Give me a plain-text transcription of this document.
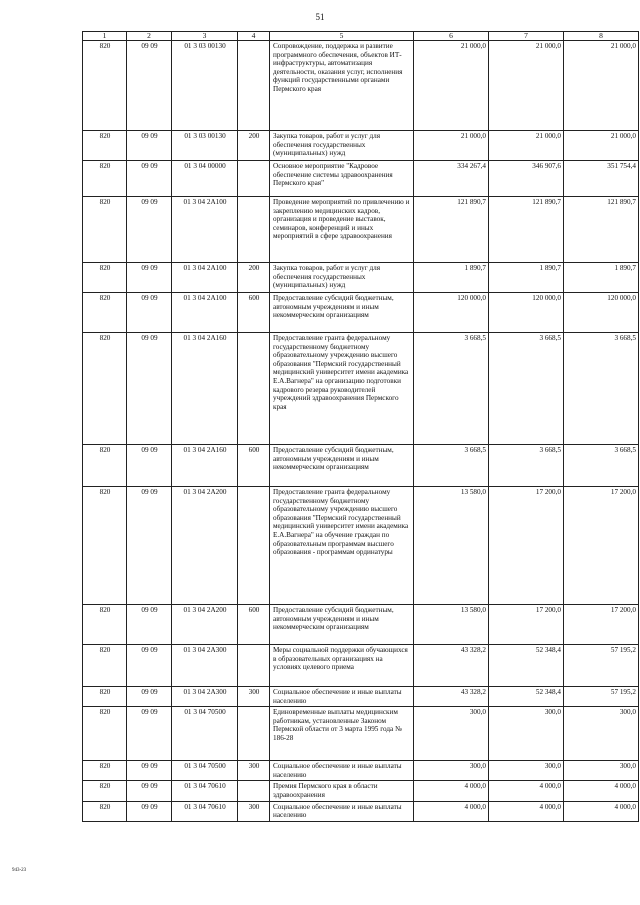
51
1	2	3	4	5	6	7	8
820	09 09	01 3 03 00130		Сопровождение, поддержка и развитие программного обеспечения, объектов ИТ-инфраструктуры, автоматизация деятельности, оказания услуг, исполнения функций государственными органами Пермского края	21 000,0	21 000,0	21 000,0
820	09 09	01 3 03 00130	200	Закупка товаров, работ и услуг для обеспечения государственных (муниципальных) нужд	21 000,0	21 000,0	21 000,0
820	09 09	01 3 04 00000		Основное мероприятие "Кадровое обеспечение системы здравоохранения Пермского края"	334 267,4	346 907,6	351 754,4
820	09 09	01 3 04 2А100		Проведение мероприятий по привлечению и закреплению медицинских кадров, организация и проведение выставок, семинаров, конференций и иных мероприятий в сфере здравоохранения	121 890,7	121 890,7	121 890,7
820	09 09	01 3 04 2А100	200	Закупка товаров, работ и услуг для обеспечения государственных (муниципальных) нужд	1 890,7	1 890,7	1 890,7
820	09 09	01 3 04 2А100	600	Предоставление субсидий бюджетным, автономным учреждениям и иным некоммерческим организациям	120 000,0	120 000,0	120 000,0
820	09 09	01 3 04 2А160		Предоставление гранта федеральному государственному бюджетному образовательному учреждению высшего образования "Пермский государственный медицинский университет имени академика Е.А.Вагнера" на организацию подготовки кадрового резерва руководителей учреждений здравоохранения Пермского края	3 668,5	3 668,5	3 668,5
820	09 09	01 3 04 2А160	600	Предоставление субсидий бюджетным, автономным учреждениям и иным некоммерческим организациям	3 668,5	3 668,5	3 668,5
820	09 09	01 3 04 2А200		Предоставление гранта федеральному государственному бюджетному образовательному учреждению высшего образования "Пермский государственный медицинский университет имени академика Е.А.Вагнера" на обучение граждан по образовательным программам высшего образования - программам ординатуры	13 580,0	17 200,0	17 200,0
820	09 09	01 3 04 2А200	600	Предоставление субсидий бюджетным, автономным учреждениям и иным некоммерческим организациям	13 580,0	17 200,0	17 200,0
820	09 09	01 3 04 2А300		Меры социальной поддержки обучающихся в образовательных организациях на условиях целевого приема	43 328,2	52 348,4	57 195,2
820	09 09	01 3 04 2А300	300	Социальное обеспечение и иные выплаты населению	43 328,2	52 348,4	57 195,2
820	09 09	01 3 04 70500		Единовременные выплаты медицинским работникам, установленные Законом Пермской области от 3 марта 1995 года № 186-28	300,0	300,0	300,0
820	09 09	01 3 04 70500	300	Социальное обеспечение и иные выплаты населению	300,0	300,0	300,0
820	09 09	01 3 04 70610		Премия Пермского края в области здравоохранения	4 000,0	4 000,0	4 000,0
820	09 09	01 3 04 70610	300	Социальное обеспечение и иные выплаты населению	4 000,0	4 000,0	4 000,0
943-23
